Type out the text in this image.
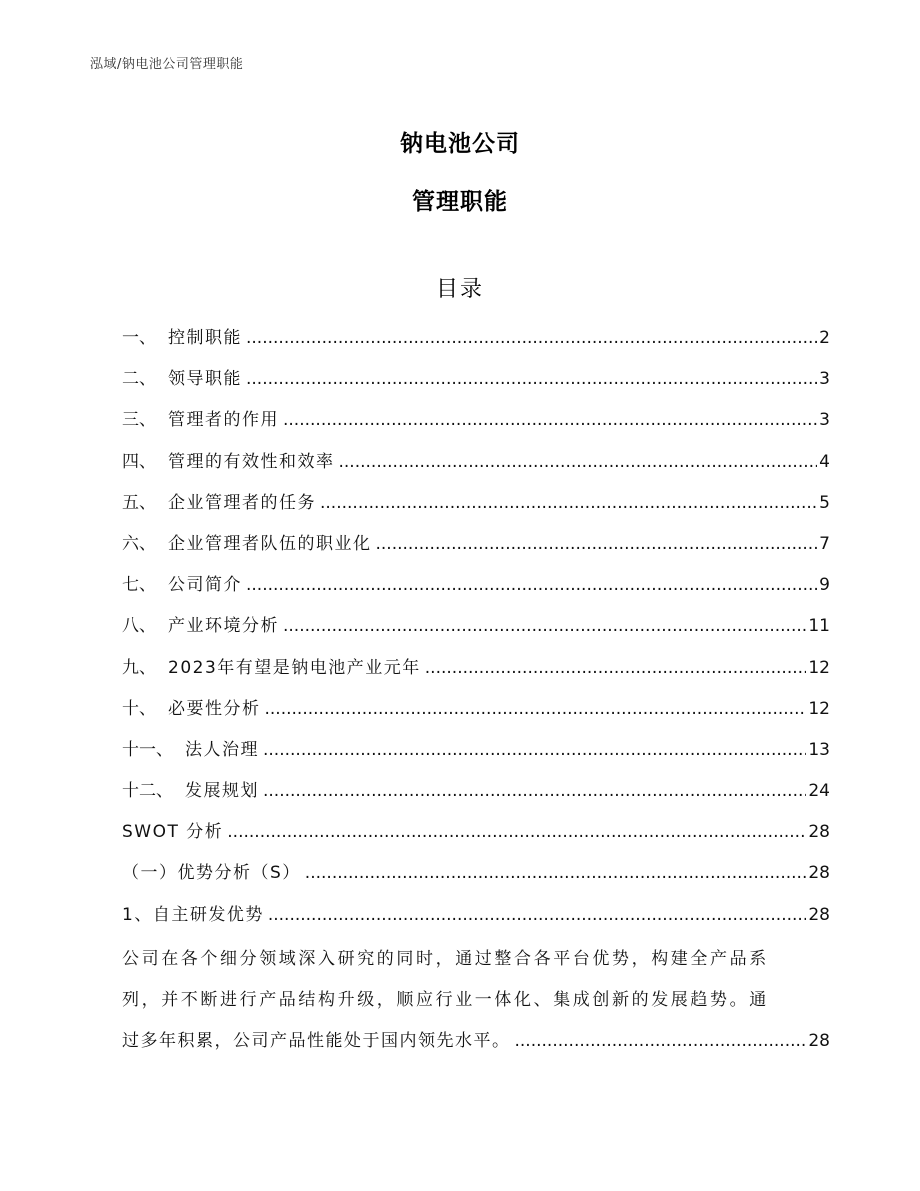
泓域/钠电池公司管理职能
钠电池公司
管理职能
目录
一、 控制职能 .....	2
二、 领导职能 .....	3
三、 管理者的作用 .....	3
四、 管理的有效性和效率 .....	4
五、 企业管理者的任务 .....	5
六、 企业管理者队伍的职业化 .....	7
七、 公司简介 .....	9
八、 产业环境分析 .....	11
九、 2023年有望是钠电池产业元年 .....	12
十、 必要性分析 .....	12
十一、 法人治理 .....	13
十二、 发展规划 .....	24
SWOT 分析 .....	28
（一）优势分析（S） .....	28
1、自主研发优势 .....	28
公司在各个细分领域深入研究的同时，通过整合各平台优势，构建全产品系
列，并不断进行产品结构升级，顺应行业一体化、集成创新的发展趋势。通
过多年积累，公司产品性能处于国内领先水平。 .....	28
